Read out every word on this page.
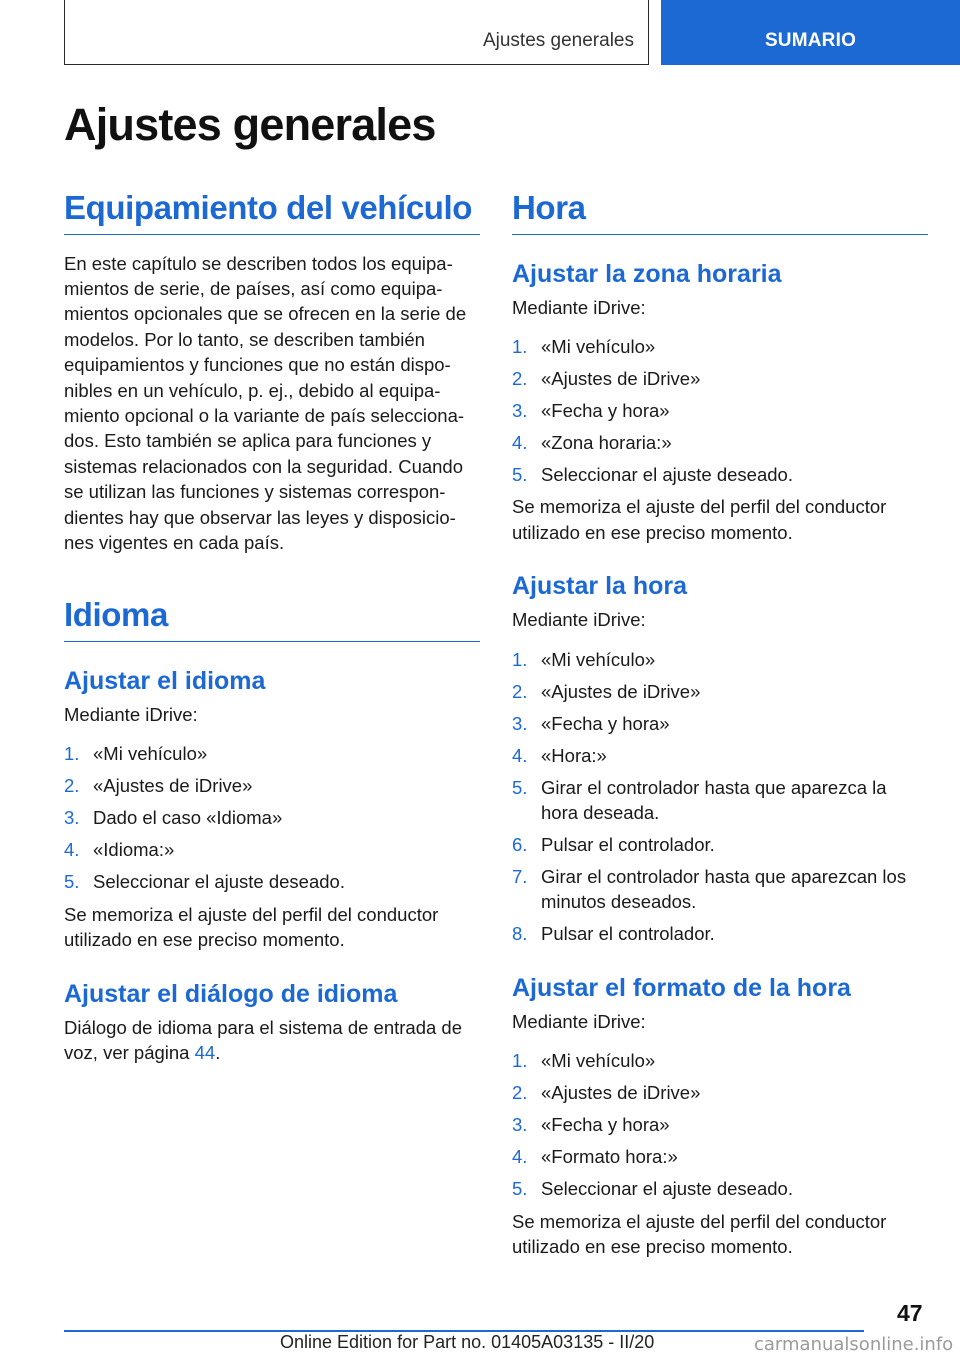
Ajustes generales	SUMARIO
Ajustes generales
Equipamiento del vehículo
En este capítulo se describen todos los equipa-
mientos de serie, de países, así como equipa-
mientos opcionales que se ofrecen en la serie de
modelos. Por lo tanto, se describen también
equipamientos y funciones que no están dispo-
nibles en un vehículo, p. ej., debido al equipa-
miento opcional o la variante de país selecciona-
dos. Esto también se aplica para funciones y
sistemas relacionados con la seguridad. Cuando
se utilizan las funciones y sistemas correspon-
dientes hay que observar las leyes y disposicio-
nes vigentes en cada país.
Idioma
Ajustar el idioma
Mediante iDrive:
1. «Mi vehículo»
2. «Ajustes de iDrive»
3. Dado el caso «Idioma»
4. «Idioma:»
5. Seleccionar el ajuste deseado.
Se memoriza el ajuste del perfil del conductor
utilizado en ese preciso momento.
Ajustar el diálogo de idioma
Diálogo de idioma para el sistema de entrada de
voz, ver página 44.
Hora
Ajustar la zona horaria
Mediante iDrive:
1. «Mi vehículo»
2. «Ajustes de iDrive»
3. «Fecha y hora»
4. «Zona horaria:»
5. Seleccionar el ajuste deseado.
Se memoriza el ajuste del perfil del conductor
utilizado en ese preciso momento.
Ajustar la hora
Mediante iDrive:
1. «Mi vehículo»
2. «Ajustes de iDrive»
3. «Fecha y hora»
4. «Hora:»
5. Girar el controlador hasta que aparezca la hora deseada.
6. Pulsar el controlador.
7. Girar el controlador hasta que aparezcan los minutos deseados.
8. Pulsar el controlador.
Ajustar el formato de la hora
Mediante iDrive:
1. «Mi vehículo»
2. «Ajustes de iDrive»
3. «Fecha y hora»
4. «Formato hora:»
5. Seleccionar el ajuste deseado.
Se memoriza el ajuste del perfil del conductor
utilizado en ese preciso momento.
47
Online Edition for Part no. 01405A03135 - II/20	carmanualsonline.info
